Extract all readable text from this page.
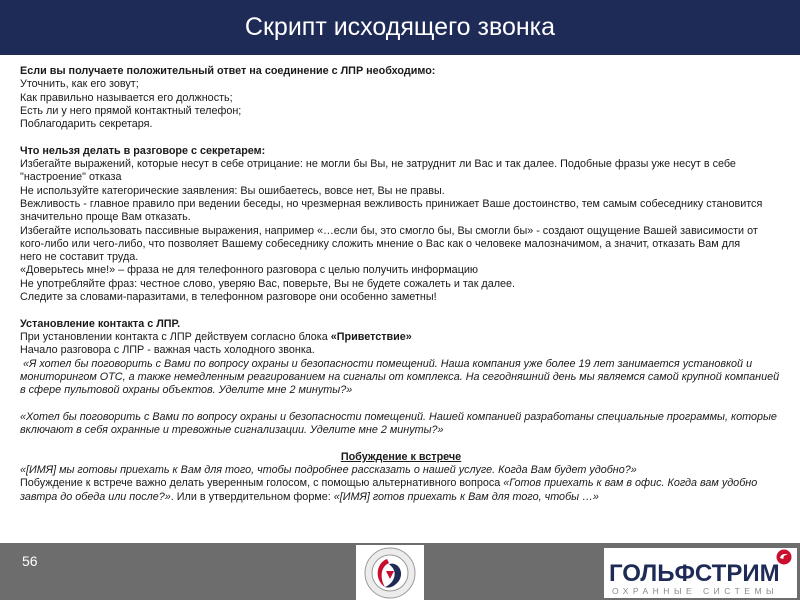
Скрипт исходящего звонка
Если вы получаете положительный ответ на соединение с ЛПР необходимо:
Уточнить, как его зовут;
Как правильно называется его должность;
Есть ли у него прямой контактный телефон;
Поблагодарить секретаря.
Что нельзя делать в разговоре с секретарем:
Избегайте выражений, которые несут в себе отрицание: не могли бы Вы, не затруднит ли Вас и так далее. Подобные фразы уже несут в себе
"настроение" отказа
Не используйте категорические заявления: Вы ошибаетесь, вовсе нет, Вы не правы.
Вежливость - главное правило при ведении беседы, но чрезмерная вежливость принижает Ваше достоинство, тем самым собеседнику становится
значительно проще Вам отказать.
Избегайте использовать пассивные выражения, например «…если бы, это смогло бы, Вы смогли бы» - создают ощущение Вашей зависимости от
кого-либо или чего-либо, что позволяет Вашему собеседнику сложить мнение о Вас как о человеке малозначимом, а значит, отказать Вам для
него не составит труда.
«Доверьтесь мне!» – фраза не для телефонного разговора с целью получить информацию
Не употребляйте фраз: честное слово, уверяю Вас, поверьте, Вы не будете сожалеть и так далее.
Следите за словами-паразитами, в телефонном разговоре они особенно заметны!
Установление контакта с ЛПР.
При установлении контакта с ЛПР действуем согласно блока «Приветствие»
Начало разговора с ЛПР - важная часть холодного звонка.
«Я хотел бы поговорить с Вами по вопросу охраны и безопасности помещений. Наша компания уже более 19 лет занимается установкой и
мониторингом ОТС, а также немедленным реагированием на сигналы от комплекса. На сегодняшний день мы являемся самой крупной компанией
в сфере пультовой охраны объектов. Уделите мне 2 минуты?»
«Хотел бы поговорить с Вами по вопросу охраны и безопасности помещений. Нашей компанией разработаны специальные программы, которые
включают в себя охранные и тревожные сигнализации. Уделите мне 2 минуты?»
Побуждение к встрече
«[ИМЯ] мы готовы приехать к Вам для того, чтобы подробнее рассказать о нашей услуге. Когда Вам будет удобно?»
Побуждение к встрече важно делать уверенным голосом, с помощью альтернативного вопроса «Готов приехать к вам в офис. Когда вам удобно
завтра до обеда или после?». Или в утвердительном форме: «[ИМЯ] готов приехать к Вам для того, чтобы …»
56	ГОЛЬФСТРИМ
ОХРАННЫЕ СИСТЕМЫ
